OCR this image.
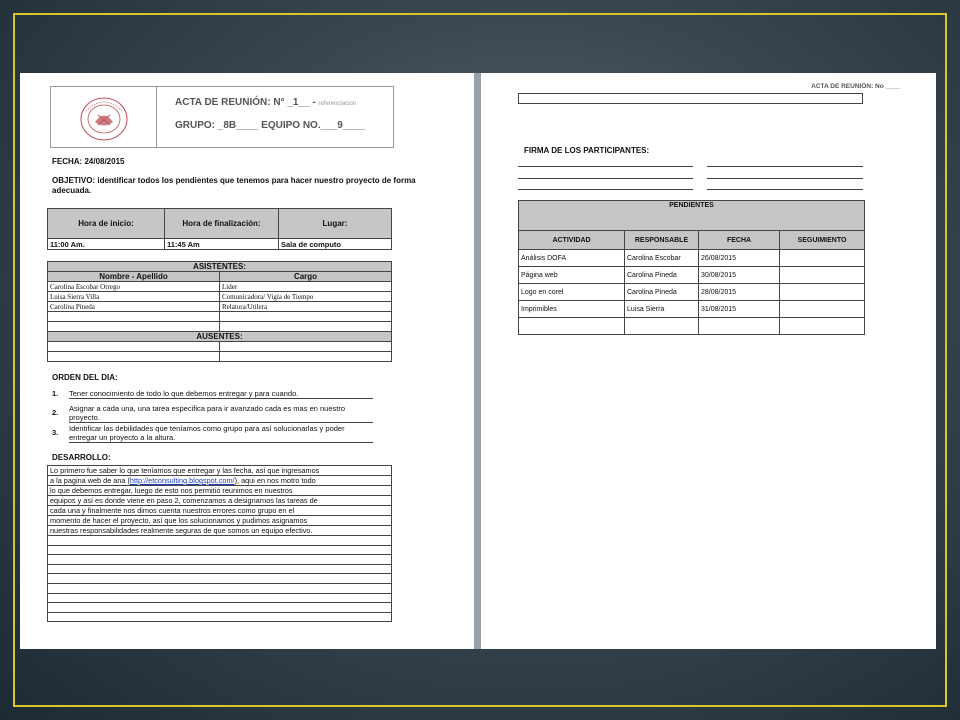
ACTA DE REUNIÓN: N° _1__ - referenciacion
GRUPO: _8B____ EQUIPO NO.___9____
FECHA: 24/08/2015
OBJETIVO: identificar todos los pendientes que tenemos para hacer nuestro proyecto de forma adecuada.
Hora de inicio:	Hora de finalización:	Lugar:
11:00 Am.	11:45 Am	Sala de computo
ASISTENTES:	
Nombre - Apellido	Cargo
Carolina Escobar Orrego	Líder
Luisa Sierra Villa	Comunicadora/ Vigía de Tiempo
Carolina Pineda	Relatora/Utilera

AUSENTES:	

ORDEN DEL DIA:
1. Tener conocimiento de todo lo que debemos entregar y para cuando.
2. Asignar a cada una, una tarea especifica para ir avanzado cada es mas en nuestro proyecto.
3. Identificar las debilidades que teníamos como grupo para así solucionarlas y poder entregar un proyecto a la altura.
DESARROLLO:
Lo primero fue saber lo que teníamos que entregar y las fecha, así que ingresamos
a la pagina web de ana (http://etconsulting.blogspot.com/), aqui en nos motro todo
lo que debemos entregar, luego de esto nos permitió reunimos en nuestros
equipos y así es donde viene en paso 2, comenzamos a designarnos las tareas de
cada una y finalmente nos dimos cuenta nuestros errores como grupo en el
momento de hacer el proyecto, así que los solucionamos y pudimos asignamos
nuestras responsabilidades realmente seguras de que somos un equipo efectivo.

ACTA DE REUNIÓN: No ____
FIRMA DE LOS PARTICIPANTES:
PENDIENTES			
ACTIVIDAD	RESPONSABLE	FECHA	SEGUIMIENTO
Análisis DOFA	Carolina Escobar	26/08/2015	
Página web	Carolina Pineda	30/08/2015	
Logo en corel	Carolina Pineda	28/08/2015	
Imprimibles	Luisa Sierra	31/08/2015	
